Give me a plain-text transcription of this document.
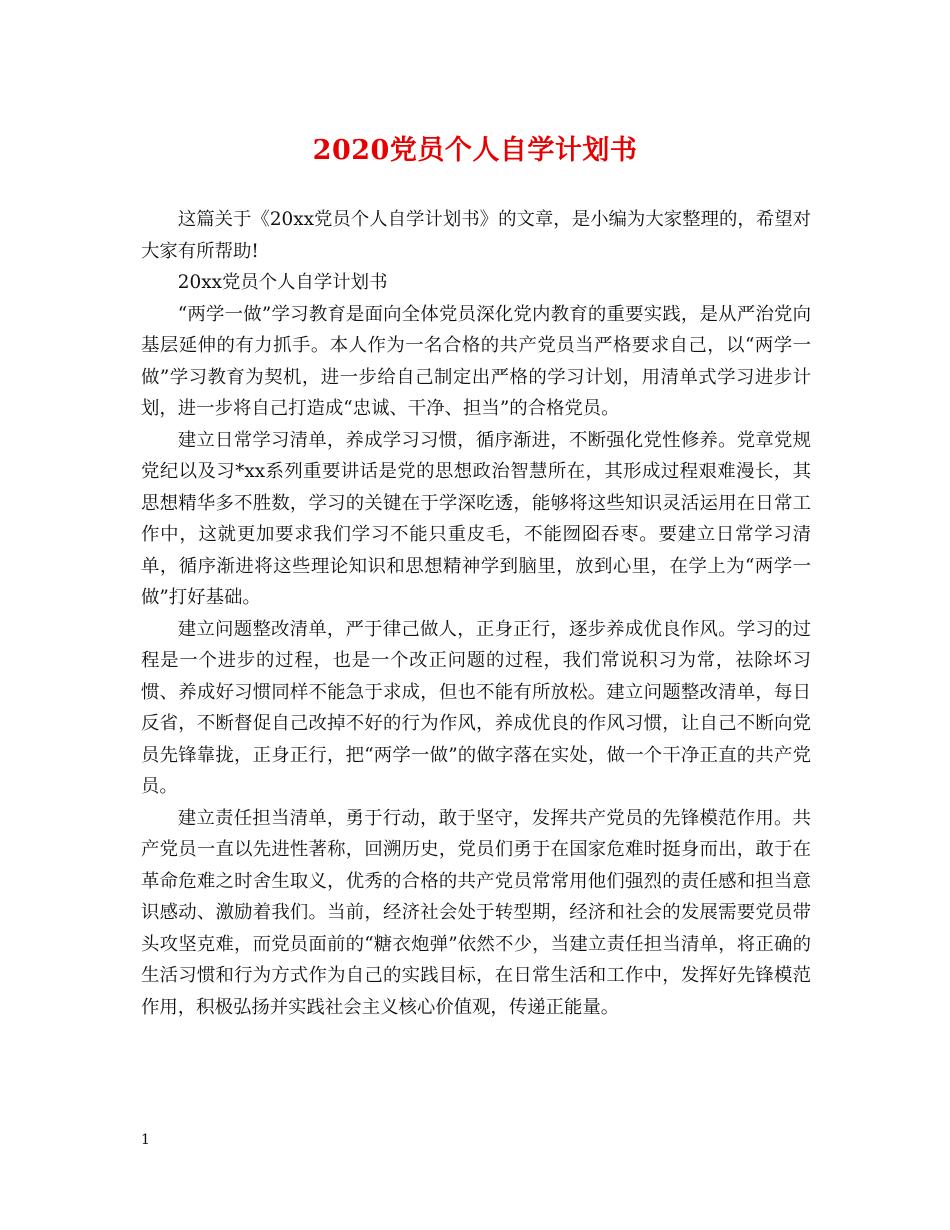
2020党员个人自学计划书

这篇关于《20xx党员个人自学计划书》的文章，是小编为大家整理的，希望对大家有所帮助!

20xx党员个人自学计划书

“两学一做”学习教育是面向全体党员深化党内教育的重要实践，是从严治党向基层延伸的有力抓手。本人作为一名合格的共产党员当严格要求自己，以“两学一做”学习教育为契机，进一步给自己制定出严格的学习计划，用清单式学习进步计划，进一步将自己打造成“忠诚、干净、担当”的合格党员。

建立日常学习清单，养成学习习惯，循序渐进，不断强化党性修养。党章党规党纪以及习*xx系列重要讲话是党的思想政治智慧所在，其形成过程艰难漫长，其思想精华多不胜数，学习的关键在于学深吃透，能够将这些知识灵活运用在日常工作中，这就更加要求我们学习不能只重皮毛，不能囫囵吞枣。要建立日常学习清单，循序渐进将这些理论知识和思想精神学到脑里，放到心里，在学上为“两学一做”打好基础。

建立问题整改清单，严于律己做人，正身正行，逐步养成优良作风。学习的过程是一个进步的过程，也是一个改正问题的过程，我们常说积习为常，祛除坏习惯、养成好习惯同样不能急于求成，但也不能有所放松。建立问题整改清单，每日反省，不断督促自己改掉不好的行为作风，养成优良的作风习惯，让自己不断向党员先锋靠拢，正身正行，把“两学一做”的做字落在实处，做一个干净正直的共产党员。

建立责任担当清单，勇于行动，敢于坚守，发挥共产党员的先锋模范作用。共产党员一直以先进性著称，回溯历史，党员们勇于在国家危难时挺身而出，敢于在革命危难之时舍生取义，优秀的合格的共产党员常常用他们强烈的责任感和担当意识感动、激励着我们。当前，经济社会处于转型期，经济和社会的发展需要党员带头攻坚克难，而党员面前的“糖衣炮弹”依然不少，当建立责任担当清单，将正确的生活习惯和行为方式作为自己的实践目标，在日常生活和工作中，发挥好先锋模范作用，积极弘扬并实践社会主义核心价值观，传递正能量。

1
